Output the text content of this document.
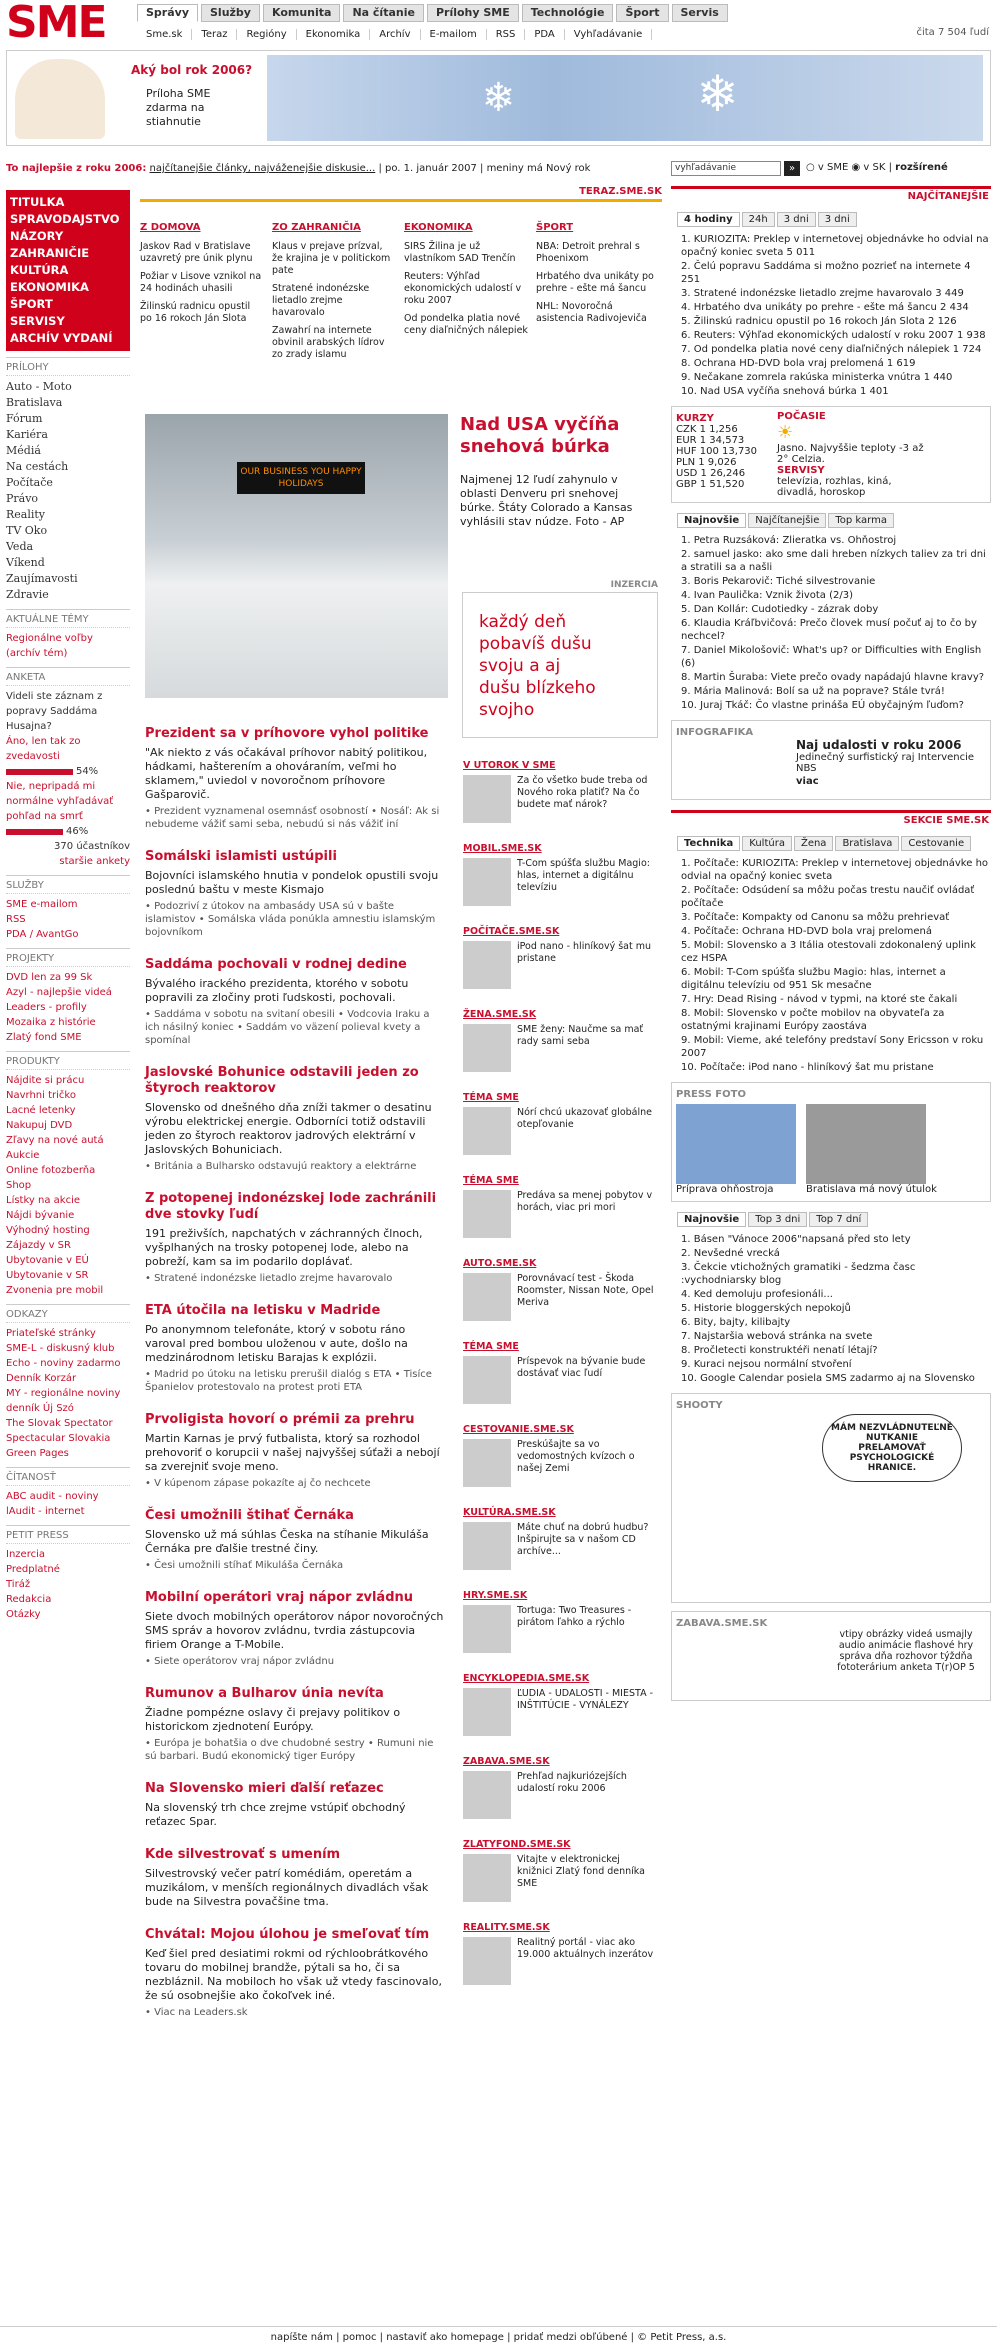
SME	Správy	Služby	Komunita	Na čítanie	Prílohy SME	Technológie	Šport	Servis
Sme.sk	Teraz	Regióny	Ekonomika	Archív	E-mailom	RSS	PDA	Vyhľadávanie	čita 7 504 ľudí
Aký bol rok 2006?
Príloha SME zdarma na stiahnutie
❄	❄
To najlepšie z roku 2006: najčítanejšie články, najváženejšie diskusie... | po. 1. január 2007 | meniny má Nový rok	vyhľadávanie	»	○ v SME ◉ v SK | rozšírené
TITULKA
SPRAVODAJSTVO
NÁZORY
ZAHRANIČIE
KULTÚRA
EKONOMIKA
ŠPORT
SERVISY
ARCHÍV VYDANÍ
PRÍLOHY
Auto - Moto
Bratislava
Fórum
Kariéra
Médiá
Na cestách
Počítače
Právo
Reality
TV Oko
Veda
Víkend
Zaujímavosti
Zdravie
AKTUÁLNE TÉMY
Regionálne voľby (archív tém)
ANKETA
Videli ste záznam z popravy Saddáma Husajna?
Áno, len tak zo zvedavosti
54%
Nie, nepripadá mi normálne vyhľadávať pohľad na smrť
46%
370 účastníkov
staršie ankety
SLUŽBY
SME e-mailom
RSS
PDA / AvantGo
PROJEKTY
DVD len za 99 Sk
Azyl - najlepšie videá
Leaders - profily
Mozaika z histórie
Zlatý fond SME
PRODUKTY
Nájdite si prácu
Navrhni tričko
Lacné letenky
Nakupuj DVD
Zľavy na nové autá
Aukcie
Online fotozberňa
Shop
Lístky na akcie
Nájdi bývanie
Výhodný hosting
Zájazdy v SR
Ubytovanie v EÚ
Ubytovanie v SR
Zvonenia pre mobil
ODKAZY
Priateľské stránky
SME-L - diskusný klub
Echo - noviny zadarmo
Denník Korzár
MY - regionálne noviny
denník Új Szó
The Slovak Spectator
Spectacular Slovakia
Green Pages
ČÍTANOSŤ
ABC audit - noviny
lAudit - internet
PETIT PRESS
Inzercia
Predplatné
Tiráž
Redakcia
Otázky
TERAZ.SME.SK
Z DOMOVA

Jaskov Rad v Bratislave uzavretý pre únik plynu

Požiar v Lisove vznikol na 24 hodinách uhasili

Žilinskú radnicu opustil po 16 rokoch Ján Slota

ZO ZAHRANIČIA

Klaus v prejave prízval, že krajina je v politickom pate

Stratené indonézske lietadlo zrejme havarovalo

Zawahrí na internete obvinil arabských lídrov zo zrady islamu

EKONOMIKA

SIRS Žilina je už vlastníkom SAD Trenčín

Reuters: Výhľad ekonomických udalostí v roku 2007

Od pondelka platia nové ceny diaľničných nálepiek

ŠPORT

NBA: Detroit prehral s Phoenixom

Hrbatého dva unikáty po prehre - ešte má šancu

NHL: Novoročná asistencia Radivojeviča

OUR BUSINESS YOU HAPPY HOLIDAYS
Nad USA vyčíňa snehová búrka
Najmenej 12 ľudí zahynulo v oblasti Denveru pri snehovej búrke. Štáty Colorado a Kansas vyhlásili stav núdze. Foto - AP
INZERCIA
každý deň pobav​íš dušu svoju a aj dušu blízkeho svojho
Prezident sa v príhovore vyhol politike

"Ak niekto z vás očakával príhovor nabitý politikou, hádkami, hašterením a ohováraním, veľmi ho sklamem," uviedol v novoročnom príhovore Gašparovič.

• Prezident vyznamenal osemnásť osobností • Nosáľ: Ak si nebudeme vážiť sami seba, nebudú si nás vážiť iní
Somálski islamisti ustúpili

Bojovníci islamského hnutia v pondelok opustili svoju poslednú baštu v meste Kismajo

• Podozriví z útokov na ambasády USA sú v bašte islamistov • Somálska vláda ponúkla amnestiu islamským bojovníkom
Saddáma pochovali v rodnej dedine

Bývalého irackého prezidenta, ktorého v sobotu popravili za zločiny proti ľudskosti, pochovali.

• Saddáma v sobotu na svitaní obesili • Vodcovia Iraku a ich násilný koniec • Saddám vo väzení polieval kvety a spomínal
Jaslovské Bohunice odstavili jeden zo štyroch reaktorov

Slovensko od dnešného dňa zníži takmer o desatinu výrobu elektrickej energie. Odborníci totiž odstavili jeden zo štyroch reaktorov jadrových elektrární v Jaslovských Bohuniciach.

• Británia a Bulharsko odstavujú reaktory a elektrárne
Z potopenej indonézskej lode zachránili dve stovky ľudí

191 preživších, napchatých v záchranných člnoch, vyšplhaných na trosky potopenej lode, alebo na pobreží, kam sa im podarilo doplávať.

• Stratené indonézske lietadlo zrejme havarovalo
ETA útočila na letisku v Madride

Po anonymnom telefonáte, ktorý v sobotu ráno varoval pred bombou uloženou v aute, došlo na medzinárodnom letisku Barajas k explózii.

• Madrid po útoku na letisku prerušil dialóg s ETA • Tisíce Španielov protestovalo na protest proti ETA
Prvoligista hovorí o prémii za prehru

Martin Karnas je prvý futbalista, ktorý sa rozhodol prehovoriť o korupcii v našej najvyššej súťaži a nebojí sa zverejniť svoje meno.

• V kúpenom zápase pokazíte aj čo nechcete
Česi umožnili štihať Černáka

Slovensko už má súhlas Česka na stíhanie Mikuláša Černáka pre ďalšie trestné činy.

• Česi umožnili stíhať Mikuláša Černáka
Mobilní operátori vraj nápor zvládnu

Siete dvoch mobilných operátorov nápor novoročných SMS správ a hovorov zvládnu, tvrdia zástupcovia firiem Orange a T-Mobile.

• Siete operátorov vraj nápor zvládnu
Rumunov a Bulharov únia nevíta

Žiadne pompézne oslavy či prejavy politikov o historickom zjednotení Európy.

• Európa je bohatšia o dve chudobné sestry • Rumuni nie sú barbari. Budú ekonomický tiger Európy
Na Slovensko mieri ďalší reťazec

Na slovenský trh chce zrejme vstúpiť obchodný reťazec Spar.

Kde silvestrovať s umením

Silvestrovský večer patrí komédiám, operetám a muzikálom, v menších regionálnych divadlách však bude na Silvestra povačšine tma.

Chvátal: Mojou úlohou je smeľovať tím

Keď šiel pred desiatimi rokmi od rýchloobrátkového tovaru do mobilnej brandže, pýtali sa ho, či sa nezbláznil. Na mobiloch ho však už vtedy fascinovalo, že sú osobnejšie ako čokoľvek iné.

• Viac na Leaders.sk
V UTOROK V SME
Za čo všetko bude treba od Nového roka platiť? Na čo budete mať nárok?
MOBIL.SME.SK
T-Com spúšťa službu Magio: hlas, internet a digitálnu televíziu
POČÍTAČE.SME.SK
iPod nano - hliníkový šat mu pristane
ŽENA.SME.SK
SME ženy: Naučme sa mať rady sami seba
TÉMA SME
Nórí chcú ukazovať globálne otepľovanie
TÉMA SME
Predáva sa menej pobytov v horách, viac pri mori
AUTO.SME.SK
Porovnávací test - Škoda Roomster, Nissan Note, Opel Meriva
TÉMA SME
Príspevok na bývanie bude dostávať viac ľudí
CESTOVANIE.SME.SK
Preskúšajte sa vo vedomostných kvízoch o našej Zemi
KULTÚRA.SME.SK
Máte chuť na dobrú hudbu? Inšpirujte sa v našom CD archíve...
HRY.SME.SK
Tortuga: Two Treasures - pirátom ľahko a rýchlo
ENCYKLOPEDIA.SME.SK
ĽUDIA - UDALOSTI - MIESTA - INŠTITÚCIE - VYNÁLEZY
ZABAVA.SME.SK
Prehľad najkuriózejších udalostí roku 2006
ZLATYFOND.SME.SK
Vitajte v elektronickej knižnici Zlatý fond denníka SME
REALITY.SME.SK
Realitný portál - viac ako 19.000 aktuálnych inzerátov
NAJČÍTANEJŠIE
4 hodiny	24h	3 dni	3 dni
1. KURIOZITA: Preklep v internetovej objednávke ho odvial na opačný koniec sveta 5 011
2. Čelú popravu Saddáma si možno pozrieť na internete 4 251
3. Stratené indonézske lietadlo zrejme havarovalo 3 449
4. Hrbatého dva unikáty po prehre - ešte má šancu 2 434
5. Žilinskú radnicu opustil po 16 rokoch Ján Slota 2 126
6. Reuters: Výhľad ekonomických udalostí v roku 2007 1 938
7. Od pondelka platia nové ceny diaľničných nálepiek 1 724
8. Ochrana HD-DVD bola vraj prelomená 1 619
9. Nečakane zomrela rakúska ministerka vnútra 1 440
10. Nad USA vyčíňa snehová búrka 1 401
KURZY
CZK 1 1,256
EUR 1 34,573
HUF 100 13,730
PLN 1 9,026
USD 1 26,246
GBP 1 51,520
POČASIE
☀
Jasno. Najvyššie teploty -3 až 2° Celzia.
SERVISY
televízia, rozhlas, kiná, divadlá, horoskop
Najnovšie	Najčítanejšie	Top karma
1. Petra Ruzsáková: Zlieratka vs. Ohňostroj
2. samuel jasko: ako sme dali hreben nízkych taliev za tri dni a stratili sa a našli
3. Boris Pekarovič: Tiché silvestrovanie
4. Ivan Paulička: Vznik života (2/3)
5. Dan Kollár: Cudotiedky - zázrak doby
6. Klaudia Kráľbvičová: Prečo človek musí počuť aj to čo by nechcel?
7. Daniel Mikološovič: What's up? or Difficulties with English (6)
8. Martin Šuraba: Viete prečo ovady napádajú hlavne kravy?
9. Mária Malinová: Bolí sa už na poprave? Stále tvrá!
10. Juraj Tkáč: Čo vlastne prináša EÚ obyčajným ľuďom?
INFOGRAFIKA
Naj udalosti v roku 2006
Jedinečný surfistický raj Intervencie NBS
viac
SEKCIE SME.SK
Technika	Kultúra	Žena	Bratislava	Cestovanie
1. Počítače: KURIOZITA: Preklep v internetovej objednávke ho odvial na opačný koniec sveta
2. Počítače: Odsúdení sa môžu počas trestu naučiť ovládať počítače
3. Počítače: Kompakty od Canonu sa môžu prehrievať
4. Počítače: Ochrana HD-DVD bola vraj prelomená
5. Mobil: Slovensko a 3 Itália otestovali zdokonalený uplink cez HSPA
6. Mobil: T-Com spúšťa službu Magio: hlas, internet a digitálnu televíziu od 951 Sk mesačne
7. Hry: Dead Rising - návod v typmi, na ktoré ste čakali
8. Mobil: Slovensko v počte mobilov na obyvateľa za ostatnými krajinami Európy zaostáva
9. Mobil: Vieme, aké telefóny predstaví Sony Ericsson v roku 2007
10. Počítače: iPod nano - hliníkový šat mu pristane
PRESS FOTO
Príprava ohňostroja	Bratislava má nový útulok
Najnovšie	Top 3 dni	Top 7 dní
1. Básen "Vánoce 2006"napsaná před sto lety
2. Nevšedné vrecká
3. Čekcie vtichožných gramatiki - šedzma časc :vychodniarsky blog
4. Ked demoluju profesionáli...
5. Historie bloggerských nepokojů
6. Bity, bajty, kilibajty
7. Najstaršia webová stránka na svete
8. Pročletecti konstruktéři nenatí létají?
9. Kuraci nejsou normální stvoření
10. Google Calendar posiela SMS zadarmo aj na Slovensko
SHOOTY
MÁM NEZVLÁDNUTEĽNÉ NUTKANIE PRELAMOVAŤ PSYCHOLOGICKÉ HRANICE.
ZABAVA.SME.SK
vtipy obrázky videá usmajly audio animácie flashové hry správa dňa rozhovor týždňa fototerárium anketa T(r)OP 5
napíšte nám | pomoc | nastaviť ako homepage | pridať medzi obľúbené | © Petit Press, a.s.
